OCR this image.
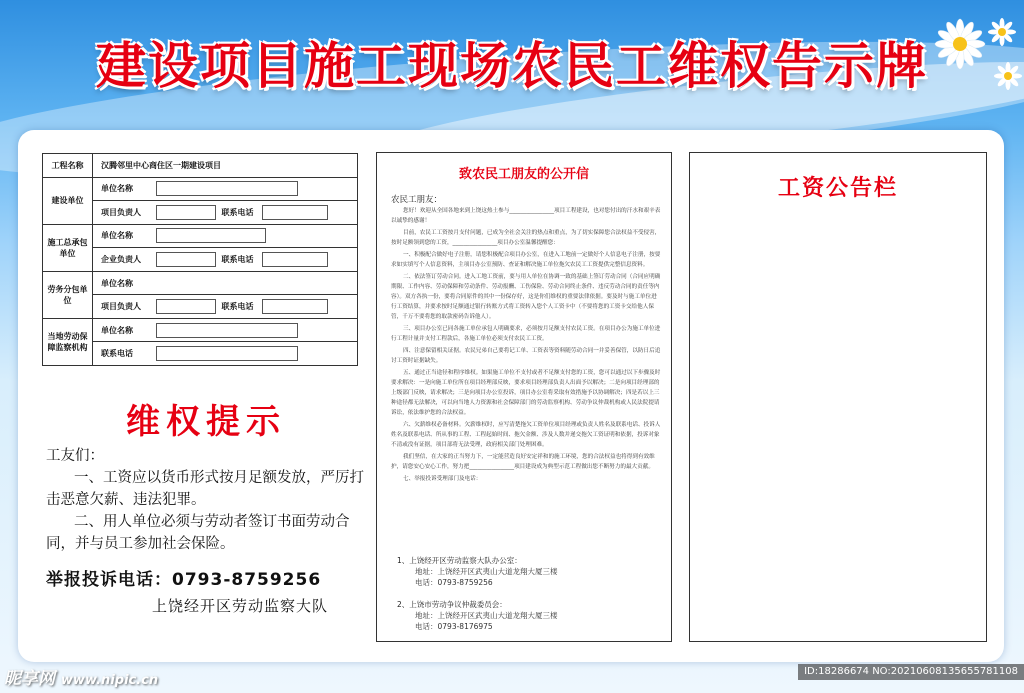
建设项目施工现场农民工维权告示牌
工程名称	汉腾邻里中心商住区一期建设项目	
建设单位	单位名称	
	项目负责人	联系电话
施工总承包单位	单位名称	
	企业负责人	联系电话
劳务分包单位	单位名称	
	项目负责人	联系电话
当地劳动保障监察机构	单位名称	
	联系电话	
维权提示
工友们：
一、工资应以货币形式按月足额发放，严厉打击恶意欠薪、违法犯罪。
二、用人单位必须与劳动者签订书面劳动合同，并与员工参加社会保险。
举报投诉电话：0793-8759256
上饶经开区劳动监察大队
致农民工朋友的公开信
农民工朋友：

您好！欢迎从全国各地来到上饶这热土参与________________项目工程建设，也对您付出的汗水和艰辛表以诚挚的感谢！

目前，农民工工资按月支付问题，已成为全社会关注的热点和重点，为了切实保障您合法权益不受侵害，按时足额领到您的工资，________________项目办公室温馨提醒您：

一、积极配合做好电子注册，请您积极配合项目办公室，在进入工地前一定做好个人信息电子注册，按要求如实填写个人信息资料，主项目办公室预防、查证和解决施工单位拖欠农民工工资提供完整信息资料。

二、依法签订劳动合同。进入工地工资前，要与用人单位在协调一致的基础上签订劳动合同（合同应明确期限、工作内容、劳动保障和劳动条件、劳动报酬、工伤保险、劳动合同终止条件、违反劳动合同的责任等内容）。双方各执一份，要将合同原件的其中一份保存好，这是你们维权的重要法律依据。要及时与施工单位进行工资结算，并要求按时足额通过银行转账方式将工资转入您个人工资卡中（不要将您的工资卡交给他人保管，千万不要将您的取款密码告诉他人）。

三、项目办公室已同各施工单位承包人明确要求，必须按月足额支付农民工资。在项目办公为施工单位进行工程计量并支付工程款后，各施工单位必须支付农民工工资。

四、注意保留相关证据。农民兄弟自己要将记工单、工资表等资料随劳动合同一并妥善保管，以防日后追讨工资时证据缺失。

五、通过正当途径和程序维权。如果施工单位不支付或者不足额支付您的工资，您可以通过以下步骤及时要求解决：一是向施工单位所在项目经理部反映，要求项目经理部负责人出面予以解决；二是向项目经理部的上级部门反映，请求解决；三是向项目办公室投诉，项目办公室将采取有效措施予以协调解决；四是若以上三种途径都无法解决，可以向当地人力资源和社会保障部门的劳动监察机构、劳动争议仲裁机构或人民法院提请诉讼，依法维护您的合法权益。

六、欠薪维权必备材料。欠薪维权时，应写清楚拖欠工资单位项目经理或负责人姓名及联系电话、投诉人姓名及联系电话、所从事的工程、工程起始时间、拖欠金额、涉及人数并递交拖欠工资证明和依据，投诉对象不清或没有证据，项目部将无法受理，政府相关部门处理困难。

我们坚信，在大家的正当努力下，一定能营造良好安定祥和的施工环境，您的合法权益也将得到有效维护，请您安心安心工作，努力把________________项目建设成为典型示范工程做出您不断努力的最大贡献。

七、举报投诉受理部门及电话：

1、上饶经开区劳动监察大队办公室：
地址：上饶经开区武夷山大道龙翔大厦三楼
电话：0793-8759256
2、上饶市劳动争议仲裁委员会：
地址：上饶经开区武夷山大道龙翔大厦三楼
电话：0793-8176975
工资公告栏
昵享网 www.nipic.cn
ID:18286674 NO:20210608135655781108
